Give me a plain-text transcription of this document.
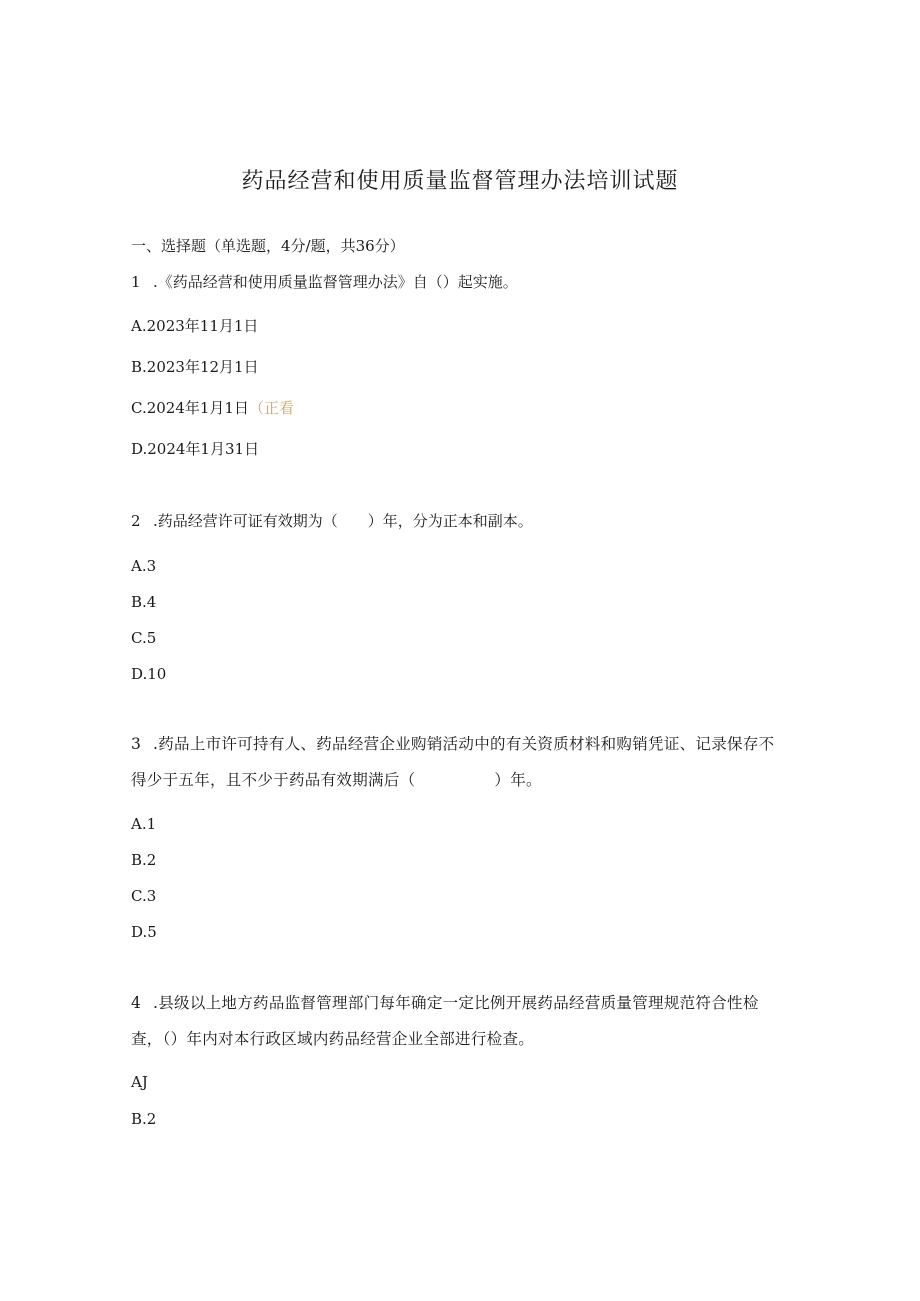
药品经营和使用质量监督管理办法培训试题
一、选择题（单选题，4分/题，共36分）
1 .《药品经营和使用质量监督管理办法》自（）起实施。
A.2023年11月1日
B.2023年12月1日
C.2024年1月1日（正看
D.2024年1月31日
2 .药品经营许可证有效期为（　　）年，分为正本和副本。
A.3
B.4
C.5
D.10
3 .药品上市许可持有人、药品经营企业购销活动中的有关资质材料和购销凭证、记录保存不得少于五年，且不少于药品有效期满后（　　　　　）年。
A.1
B.2
C.3
D.5
4 .县级以上地方药品监督管理部门每年确定一定比例开展药品经营质量管理规范符合性检查，（）年内对本行政区域内药品经营企业全部进行检查。
AJ
B.2
